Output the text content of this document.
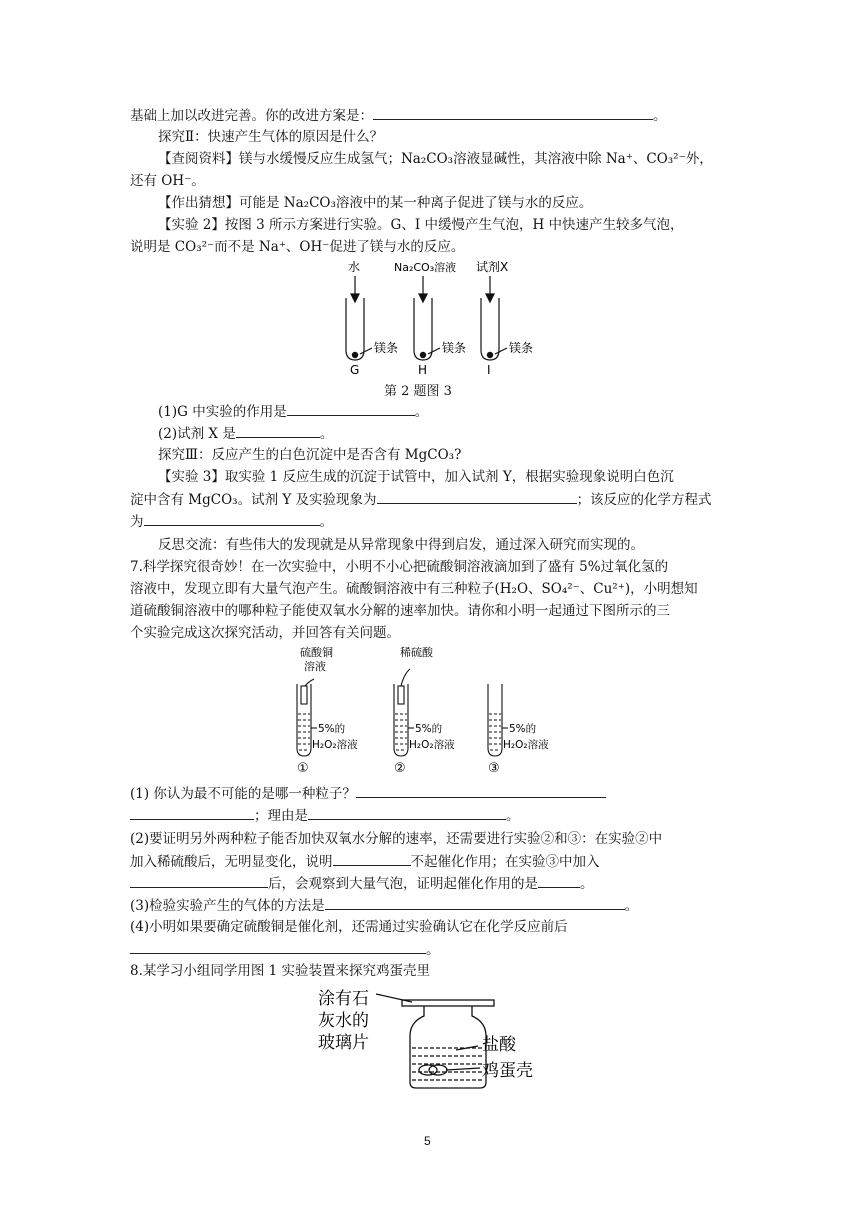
基础上加以改进完善。你的改进方案是：	。
探究Ⅱ：快速产生气体的原因是什么？
【查阅资料】镁与水缓慢反应生成氢气；Na₂CO₃溶液显碱性，其溶液中除 Na⁺、CO₃²⁻外，
还有 OH⁻。
【作出猜想】可能是 Na₂CO₃溶液中的某一种离子促进了镁与水的反应。
【实验 2】按图 3 所示方案进行实验。G、I 中缓慢产生气泡，H 中快速产生较多气泡，
说明是 CO₃²⁻而不是 Na⁺、OH⁻促进了镁与水的反应。
水	Na₂CO₃溶液 试剂X
镁条	镁条	镁条
G	H	I
第 2 题图 3
(1)G 中实验的作用是	。
(2)试剂 X 是	。
探究Ⅲ：反应产生的白色沉淀中是否含有 MgCO₃?
【实验 3】取实验 1 反应生成的沉淀于试管中，加入试剂 Y，根据实验现象说明白色沉
淀中含有 MgCO₃。试剂 Y 及实验现象为	；该反应的化学方程式
为	。
反思交流：有些伟大的发现就是从异常现象中得到启发，通过深入研究而实现的。
7.科学探究很奇妙！在一次实验中，小明不小心把硫酸铜溶液滴加到了盛有 5%过氧化氢的
溶液中，发现立即有大量气泡产生。硫酸铜溶液中有三种粒子(H₂O、SO₄²⁻、Cu²⁺)，小明想知
道硫酸铜溶液中的哪种粒子能使双氧水分解的速率加快。请你和小明一起通过下图所示的三
个实验完成这次探究活动，并回答有关问题。
硫酸铜溶液
稀硫酸
5%的 H₂O₂溶液
5%的 H₂O₂溶液
5%的 H₂O₂溶液
①	②	③
(1) 你认为最不可能的是哪一种粒子？
；理由是	。
(2)要证明另外两种粒子能否加快双氧水分解的速率，还需要进行实验②和③：在实验②中
加入稀硫酸后，无明显变化，说明	不起催化作用；在实验③中加入
后，会观察到大量气泡，证明起催化作用的是	。
(3)检验实验产生的气体的方法是	。
(4)小明如果要确定硫酸铜是催化剂，还需通过实验确认它在化学反应前后
。
8.某学习小组同学用图 1 实验装置来探究鸡蛋壳里
涂有石 灰水的 玻璃片	盐酸
鸡蛋壳
5
